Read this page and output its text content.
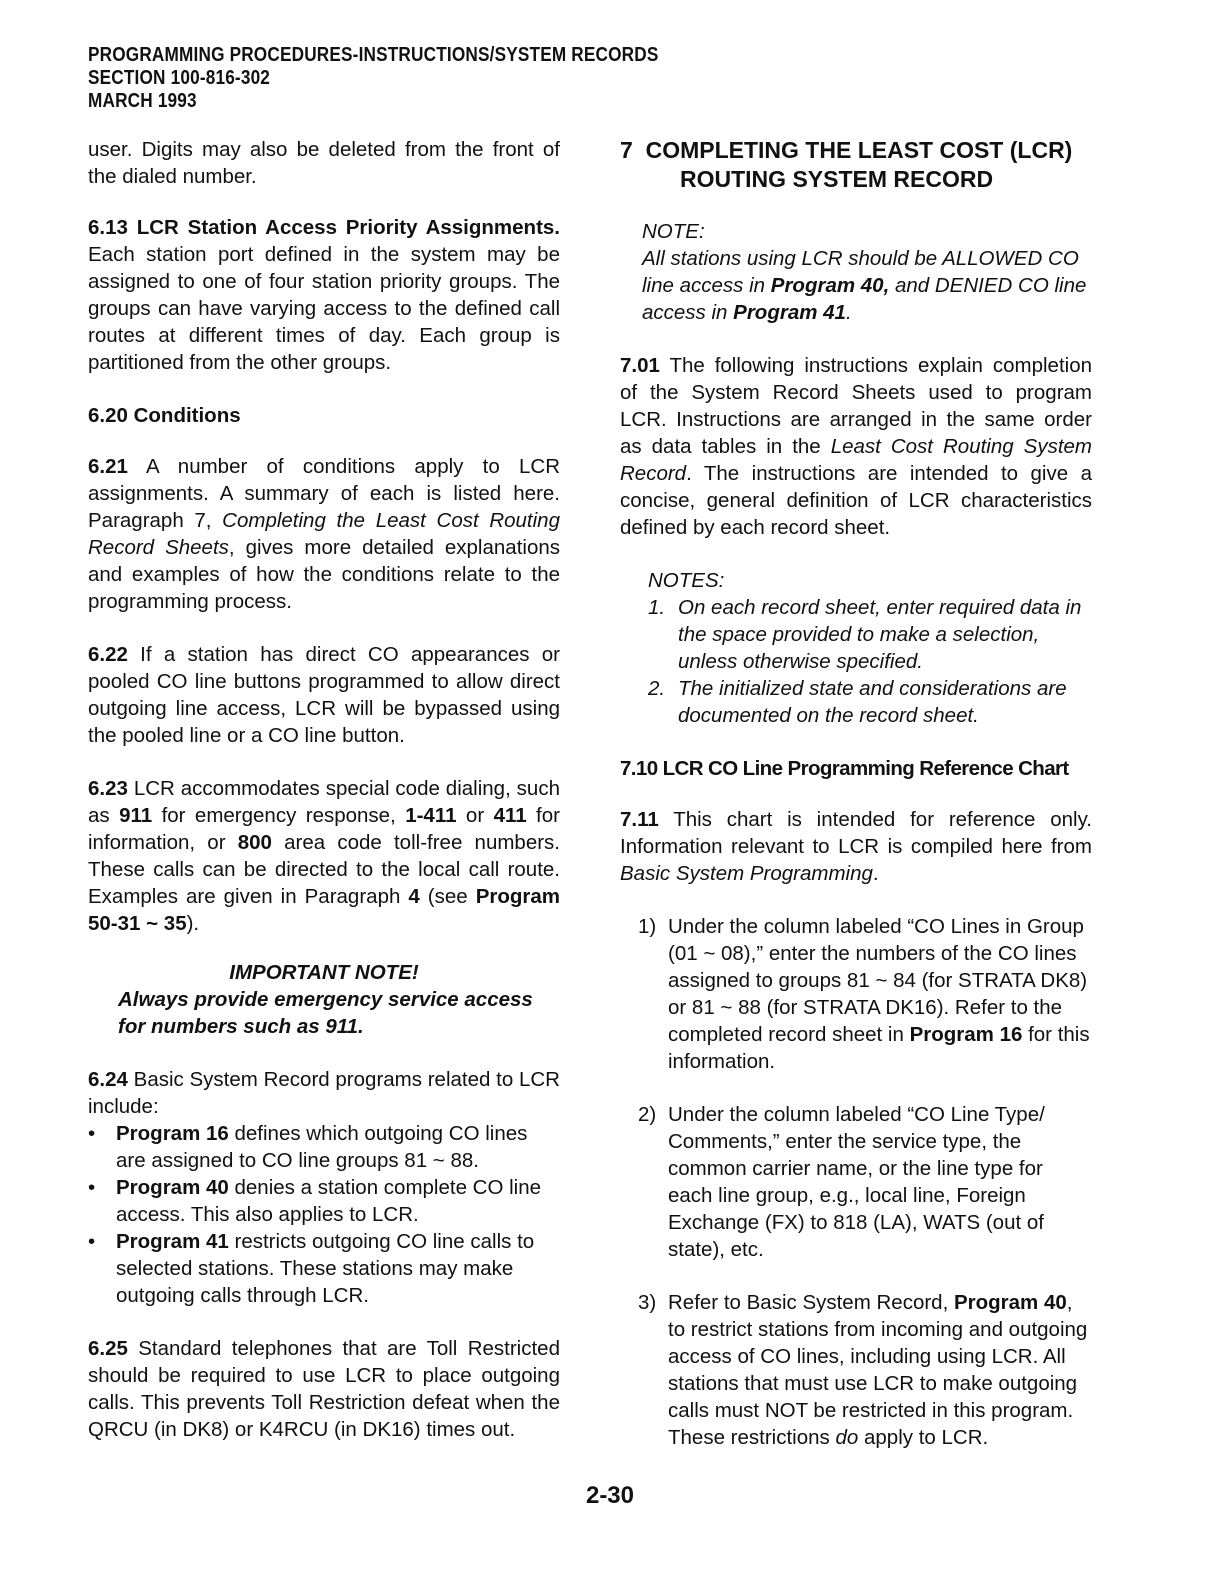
PROGRAMMING PROCEDURES-INSTRUCTIONS/SYSTEM RECORDS
SECTION 100-816-302
MARCH 1993

user. Digits may also be deleted from the front of the dialed number.

6.13 LCR Station Access Priority Assignments. Each station port defined in the system may be assigned to one of four station priority groups. The groups can have varying access to the defined call routes at different times of day. Each group is partitioned from the other groups.

6.20 Conditions

6.21 A number of conditions apply to LCR assignments. A summary of each is listed here. Paragraph 7, Completing the Least Cost Routing Record Sheets, gives more detailed explanations and examples of how the conditions relate to the programming process.

6.22 If a station has direct CO appearances or pooled CO line buttons programmed to allow direct outgoing line access, LCR will be bypassed using the pooled line or a CO line button.

6.23 LCR accommodates special code dialing, such as 911 for emergency response, 1-411 or 411 for information, or 800 area code toll-free numbers. These calls can be directed to the local call route. Examples are given in Paragraph 4 (see Program 50-31 ~ 35).

IMPORTANT NOTE!

Always provide emergency service access for numbers such as 911.

6.24 Basic System Record programs related to LCR include:

•	Program 16 defines which outgoing CO lines are assigned to CO line groups 81 ~ 88.
•	Program 40 denies a station complete CO line access. This also applies to LCR.
•	Program 41 restricts outgoing CO line calls to selected stations. These stations may make outgoing calls through LCR.

6.25 Standard telephones that are Toll Restricted should be required to use LCR to place outgoing calls. This prevents Toll Restriction defeat when the QRCU (in DK8) or K4RCU (in DK16) times out.

7 COMPLETING THE LEAST COST (LCR)
ROUTING SYSTEM RECORD
NOTE:
All stations using LCR should be ALLOWED CO line access in Program 40, and DENIED CO line access in Program 41.

7.01 The following instructions explain completion of the System Record Sheets used to program LCR. Instructions are arranged in the same order as data tables in the Least Cost Routing System Record. The instructions are intended to give a concise, general definition of LCR characteristics defined by each record sheet.

NOTES:
1. On each record sheet, enter required data in the space provided to make a selection, unless otherwise specified.
2. The initialized state and considerations are documented on the record sheet.

7.10 LCR CO Line Programming Reference Chart

7.11 This chart is intended for reference only. Information relevant to LCR is compiled here from Basic System Programming.

1) Under the column labeled “CO Lines in Group (01 ~ 08),” enter the numbers of the CO lines assigned to groups 81 ~ 84 (for STRATA DK8) or 81 ~ 88 (for STRATA DK16). Refer to the completed record sheet in Program 16 for this information.
2) Under the column labeled “CO Line Type/ Comments,” enter the service type, the common carrier name, or the line type for each line group, e.g., local line, Foreign Exchange (FX) to 818 (LA), WATS (out of state), etc.
3) Refer to Basic System Record, Program 40, to restrict stations from incoming and outgoing access of CO lines, including using LCR. All stations that must use LCR to make outgoing calls must NOT be restricted in this program. These restrictions do apply to LCR.
2-30
